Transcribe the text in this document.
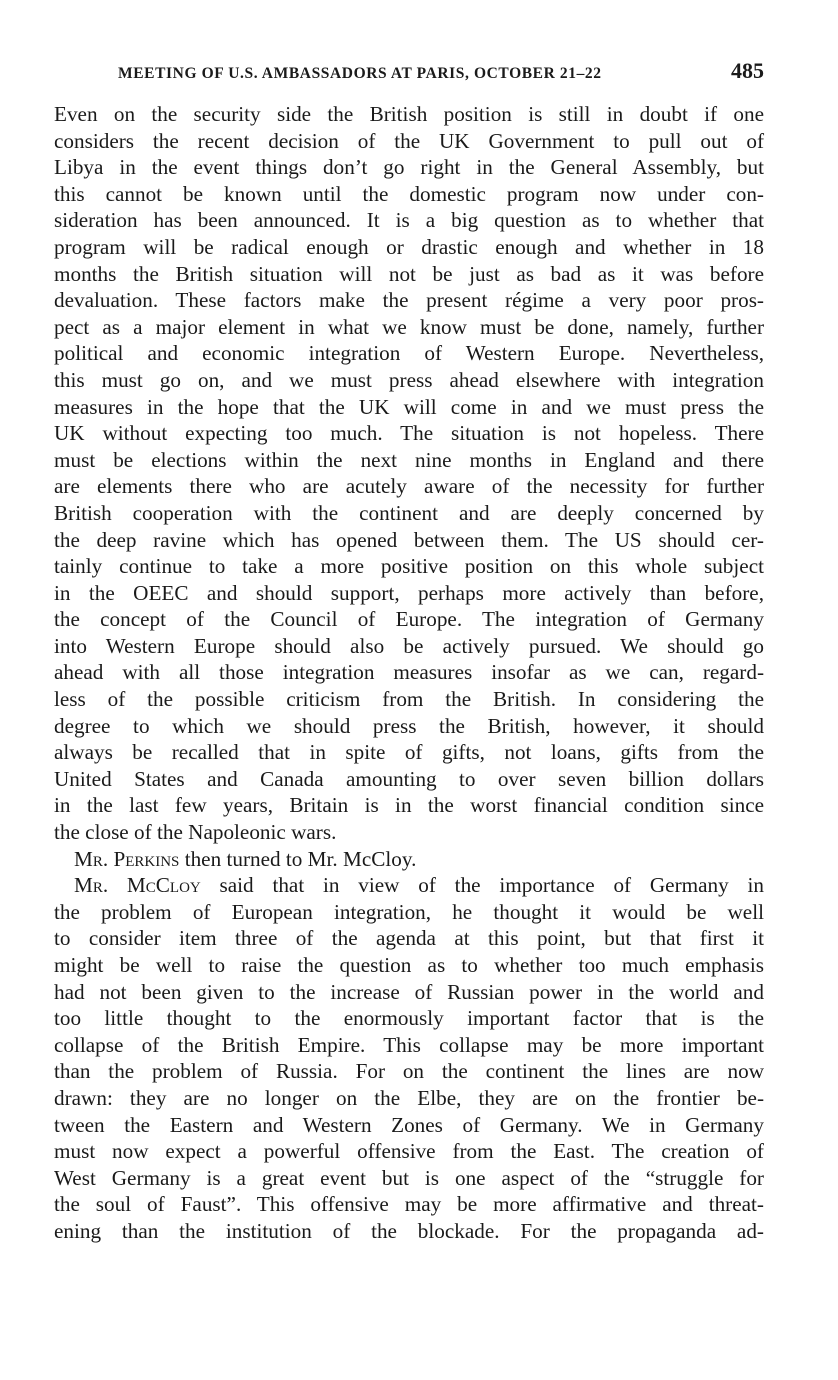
MEETING OF U.S. AMBASSADORS AT PARIS, OCTOBER 21–22	485
Even on the security side the British position is still in doubt if one
considers the recent decision of the UK Government to pull out of
Libya in the event things don’t go right in the General Assembly, but
this cannot be known until the domestic program now under con-
sideration has been announced. It is a big question as to whether that
program will be radical enough or drastic enough and whether in 18
months the British situation will not be just as bad as it was before
devaluation. These factors make the present régime a very poor pros-
pect as a major element in what we know must be done, namely, further
political and economic integration of Western Europe. Nevertheless,
this must go on, and we must press ahead elsewhere with integration
measures in the hope that the UK will come in and we must press the
UK without expecting too much. The situation is not hopeless. There
must be elections within the next nine months in England and there
are elements there who are acutely aware of the necessity for further
British cooperation with the continent and are deeply concerned by
the deep ravine which has opened between them. The US should cer-
tainly continue to take a more positive position on this whole subject
in the OEEC and should support, perhaps more actively than before,
the concept of the Council of Europe. The integration of Germany
into Western Europe should also be actively pursued. We should go
ahead with all those integration measures insofar as we can, regard-
less of the possible criticism from the British. In considering the
degree to which we should press the British, however, it should
always be recalled that in spite of gifts, not loans, gifts from the
United States and Canada amounting to over seven billion dollars
in the last few years, Britain is in the worst financial condition since
the close of the Napoleonic wars.
Mr. Perkins then turned to Mr. McCloy.
Mr. McCloy said that in view of the importance of Germany in
the problem of European integration, he thought it would be well
to consider item three of the agenda at this point, but that first it
might be well to raise the question as to whether too much emphasis
had not been given to the increase of Russian power in the world and
too little thought to the enormously important factor that is the
collapse of the British Empire. This collapse may be more important
than the problem of Russia. For on the continent the lines are now
drawn: they are no longer on the Elbe, they are on the frontier be-
tween the Eastern and Western Zones of Germany. We in Germany
must now expect a powerful offensive from the East. The creation of
West Germany is a great event but is one aspect of the “struggle for
the soul of Faust”. This offensive may be more affirmative and threat-
ening than the institution of the blockade. For the propaganda ad-
